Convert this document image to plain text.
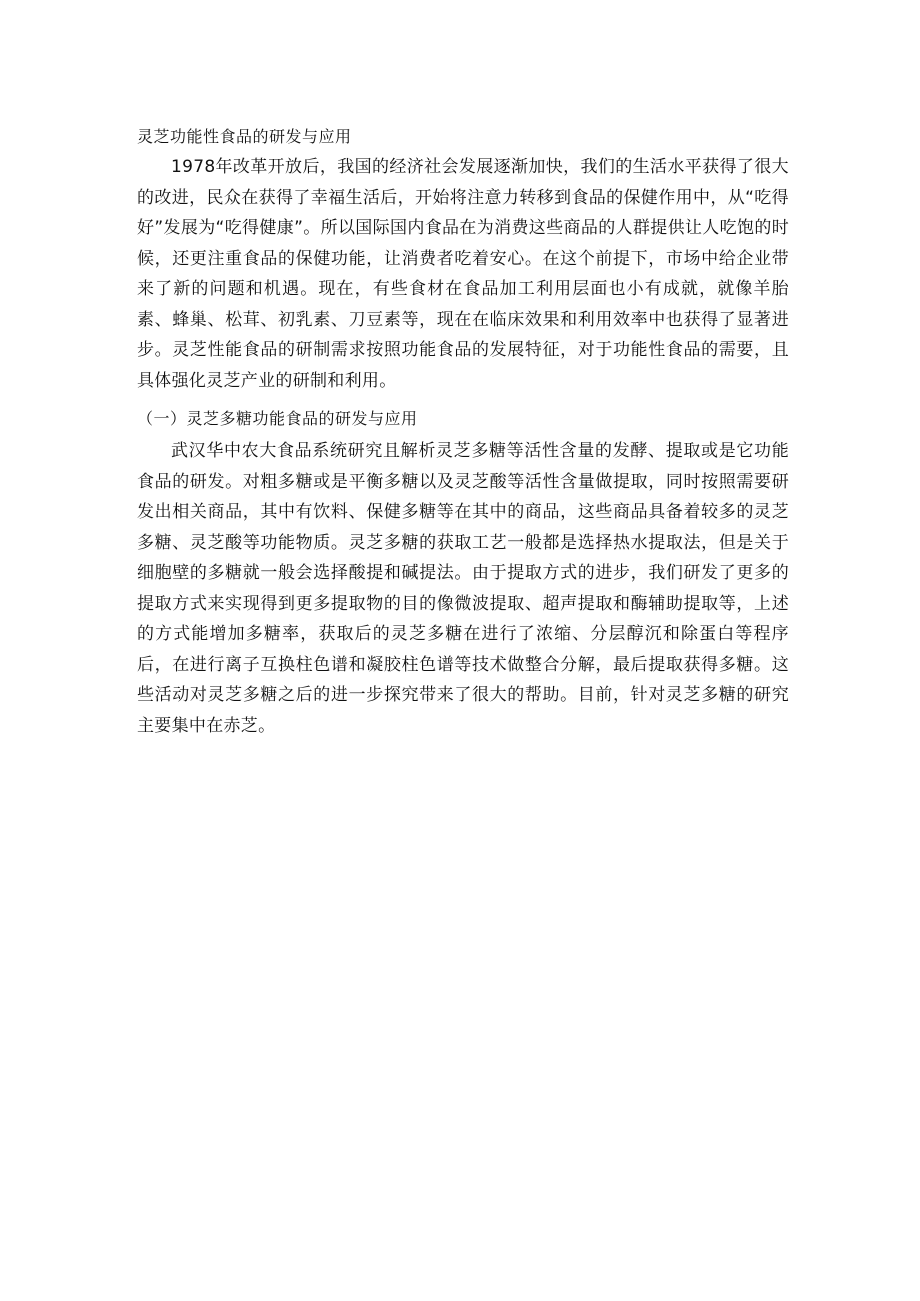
灵芝功能性食品的研发与应用

1978年改革开放后，我国的经济社会发展逐渐加快，我们的生活水平获得了很大的改进，民众在获得了幸福生活后，开始将注意力转移到食品的保健作用中，从“吃得好”发展为“吃得健康”。所以国际国内食品在为消费这些商品的人群提供让人吃饱的时候，还更注重食品的保健功能，让消费者吃着安心。在这个前提下，市场中给企业带来了新的问题和机遇。现在，有些食材在食品加工利用层面也小有成就，就像羊胎素、蜂巢、松茸、初乳素、刀豆素等，现在在临床效果和利用效率中也获得了显著进步。灵芝性能食品的研制需求按照功能食品的发展特征，对于功能性食品的需要，且具体强化灵芝产业的研制和利用。

（一）灵芝多糖功能食品的研发与应用

武汉华中农大食品系统研究且解析灵芝多糖等活性含量的发酵、提取或是它功能食品的研发。对粗多糖或是平衡多糖以及灵芝酸等活性含量做提取，同时按照需要研发出相关商品，其中有饮料、保健多糖等在其中的商品，这些商品具备着较多的灵芝多糖、灵芝酸等功能物质。灵芝多糖的获取工艺一般都是选择热水提取法，但是关于细胞壁的多糖就一般会选择酸提和碱提法。由于提取方式的进步，我们研发了更多的提取方式来实现得到更多提取物的目的像微波提取、超声提取和酶辅助提取等，上述的方式能增加多糖率，获取后的灵芝多糖在进行了浓缩、分层醇沉和除蛋白等程序后，在进行离子互换柱色谱和凝胶柱色谱等技术做整合分解，最后提取获得多糖。这些活动对灵芝多糖之后的进一步探究带来了很大的帮助。目前，针对灵芝多糖的研究主要集中在赤芝。
